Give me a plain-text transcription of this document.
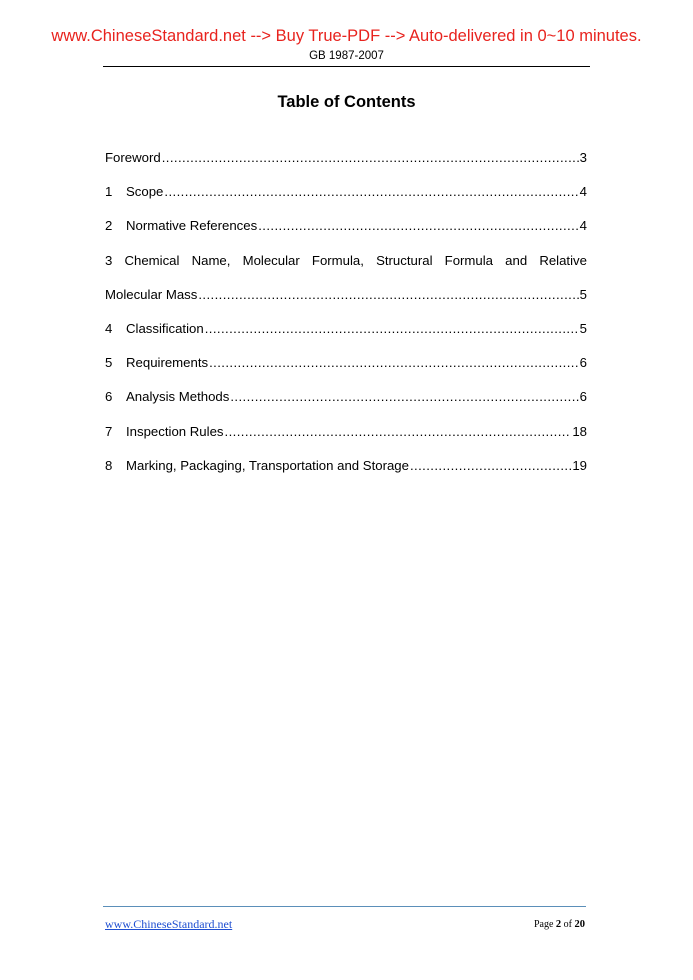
www.ChineseStandard.net --> Buy True-PDF --> Auto-delivered in 0~10 minutes.
GB 1987-2007
Table of Contents
Foreword .....	3
1	Scope .....	4
2	Normative References .....	4
3 Chemical Name, Molecular Formula, Structural Formula and Relative
Molecular Mass .....	5
4	Classification .....	5
5	Requirements .....	6
6	Analysis Methods .....	6
7	Inspection Rules .....	18
8	Marking, Packaging, Transportation and Storage .....	19
www.ChineseStandard.net	Page 2 of 20
